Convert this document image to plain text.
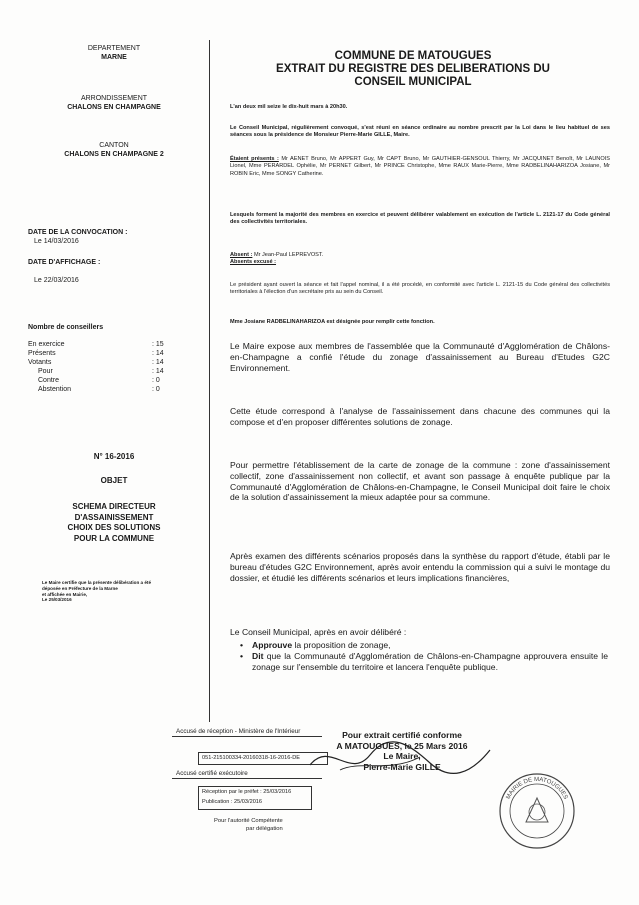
DEPARTEMENT
MARNE
ARRONDISSEMENT
CHALONS EN CHAMPAGNE
CANTON
CHALONS EN CHAMPAGNE 2
DATE DE LA CONVOCATION :
Le 14/03/2016
DATE D'AFFICHAGE :
Le 22/03/2016
Nombre de conseillers
En exercice	: 15
Présents	: 14
Votants	: 14
Pour	: 14
Contre	: 0
Abstention	: 0
N° 16-2016
OBJET
SCHEMA DIRECTEUR
D'ASSAINISSEMENT
CHOIX DES SOLUTIONS
POUR LA COMMUNE
Le Maire certifie que la présente délibération a été
déposée en Préfecture de la Marne
et affichée en Mairie,
Le 25/03/2016
COMMUNE DE MATOUGUES
EXTRAIT DU REGISTRE DES DELIBERATIONS DU
CONSEIL MUNICIPAL
L'an deux mil seize le dix-huit mars à 20h30.
Le Conseil Municipal, régulièrement convoqué, s'est réuni en séance ordinaire au nombre prescrit par la Loi dans le lieu habituel de ses séances sous la présidence de Monsieur Pierre-Marie GILLE, Maire.
Étaient présents : Mr AENET Bruno, Mr APPERT Guy, Mr CAPT Bruno, Mr GAUTHIER-GENSOUL Thierry, Mr JACQUINET Benoît, Mr LAUNOIS Lionel, Mme PERARDEL Ophélie, Mr PERNET Gilbert, Mr PRINCE Christophe, Mme RAUX Marie-Pierre, Mme RADBELINAHARIZOA Josiane, Mr ROBIN Eric, Mme SONGY Catherine.
Lesquels forment la majorité des membres en exercice et peuvent délibérer valablement en exécution de l'article L. 2121-17 du Code général des collectivités territoriales.
Absent : Mr Jean-Paul LEPREVOST.
Absents excusé :
Le président ayant ouvert la séance et fait l'appel nominal, il a été procédé, en conformité avec l'article L. 2121-15 du Code général des collectivités territoriales à l'élection d'un secrétaire pris au sein du Conseil.
Mme Josiane RADBELINAHARIZOA est désignée pour remplir cette fonction.
Le Maire expose aux membres de l'assemblée que la Communauté d'Agglomération de Châlons-en-Champagne a confié l'étude du zonage d'assainissement au Bureau d'Etudes G2C Environnement.
Cette étude correspond à l'analyse de l'assainissement dans chacune des communes qui la compose et d'en proposer différentes solutions de zonage.
Pour permettre l'établissement de la carte de zonage de la commune : zone d'assainissement collectif, zone d'assainissement non collectif, et avant son passage à enquête publique par la Communauté d'Agglomération de Châlons-en-Champagne, le Conseil Municipal doit faire le choix de la solution d'assainissement la mieux adaptée pour sa commune.
Après examen des différents scénarios proposés dans la synthèse du rapport d'étude, établi par le bureau d'études G2C Environnement, après avoir entendu la commission qui a suivi le montage du dossier, et étudié les différents scénarios et leurs implications financières,
Le Conseil Municipal, après en avoir délibéré :
•	Approuve la proposition de zonage,
•	Dit que la Communauté d'Agglomération de Châlons-en-Champagne approuvera ensuite le zonage sur l'ensemble du territoire et lancera l'enquête publique.
Pour extrait certifié conforme
A MATOUGUES, le 25 Mars 2016
Le Maire,
Pierre-Marie GILLE
Accusé de réception - Ministère de l'Intérieur
051-215100334-20160318-16-2016-DE
Accusé certifié exécutoire
Réception par le préfet : 25/03/2016
Publication : 25/03/2016
Pour l'autorité Compétente
par délégation
MAIRIE DE MATOUGUES
